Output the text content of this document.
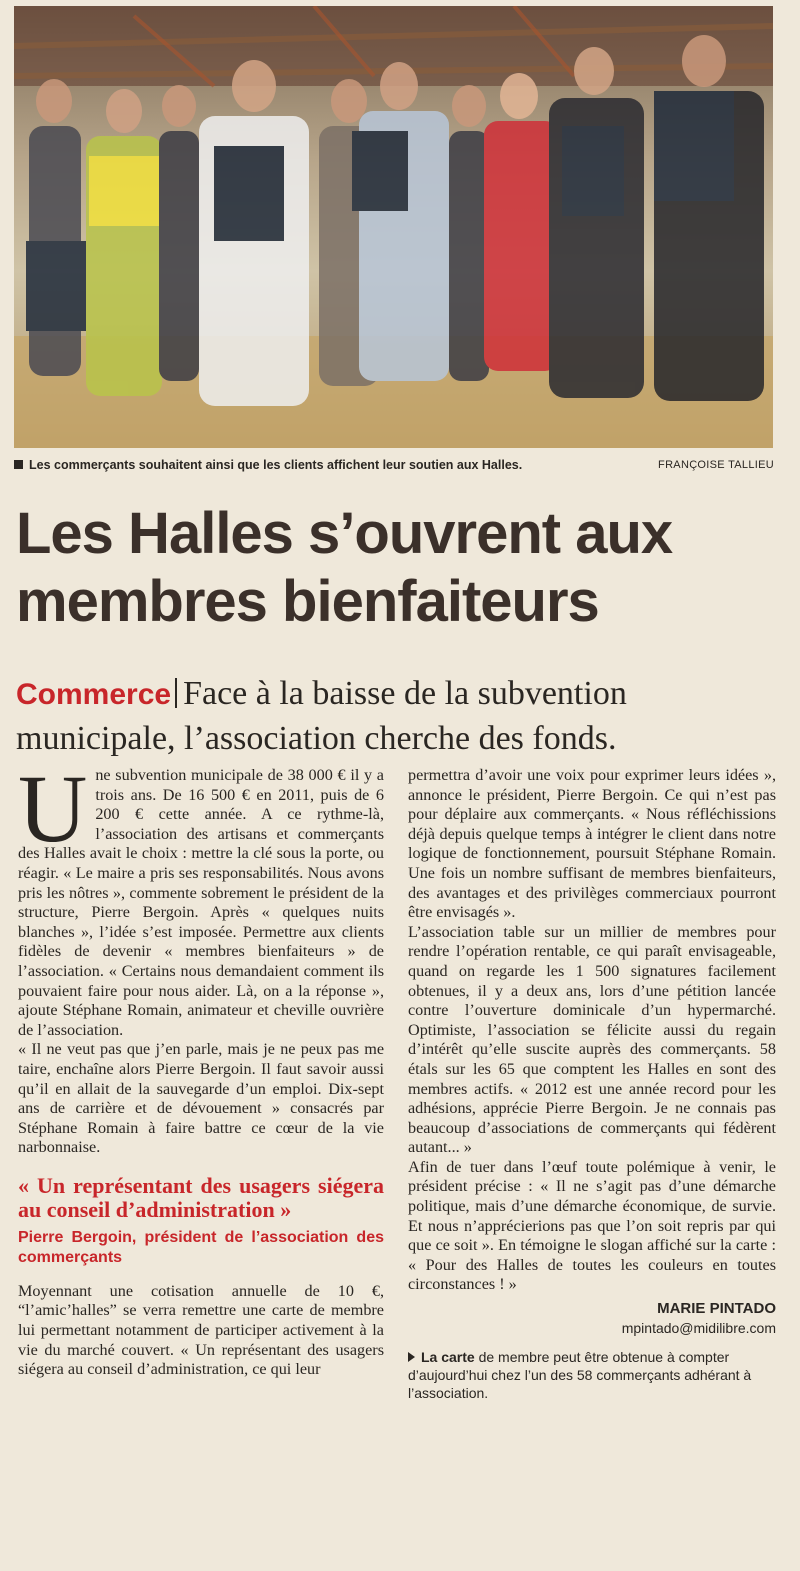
Les commerçants souhaitent ainsi que les clients affichent leur soutien aux Halles.	FRANÇOISE TALLIEU
Les Halles s’ouvrent aux
membres bienfaiteurs
Commerce Face à la baisse de la subvention municipale, l’association cherche des fonds.
U ne subvention municipale de 38 000 € il y a trois ans. De 16 500 € en 2011, puis de 6 200 € cette année. A ce rythme-là, l’association des artisans et commerçants des Halles avait le choix : mettre la clé sous la porte, ou réagir. « Le maire a pris ses responsabilités. Nous avons pris les nôtres », commente sobrement le président de la structure, Pierre Bergoin. Après « quelques nuits blanches », l’idée s’est imposée. Permettre aux clients fidèles de devenir « membres bienfaiteurs » de l’association. « Certains nous demandaient comment ils pouvaient faire pour nous aider. Là, on a la réponse », ajoute Stéphane Romain, animateur et cheville ouvrière de l’association.

« Il ne veut pas que j’en parle, mais je ne peux pas me taire, enchaîne alors Pierre Bergoin. Il faut savoir aussi qu’il en allait de la sauvegarde d’un emploi. Dix-sept ans de carrière et de dévouement » consacrés par Stéphane Romain à faire battre ce cœur de la vie narbonnaise.

« Un représentant des usagers siégera au conseil d’administration »
Pierre Bergoin, président de l’association des commerçants

Moyennant une cotisation annuelle de 10 €, “l’amic’halles” se verra remettre une carte de membre lui permettant notamment de participer activement à la vie du marché couvert. « Un représentant des usagers siégera au conseil d’administration, ce qui leur

permettra d’avoir une voix pour exprimer leurs idées », annonce le président, Pierre Bergoin. Ce qui n’est pas pour déplaire aux commerçants. « Nous réfléchissions déjà depuis quelque temps à intégrer le client dans notre logique de fonctionnement, poursuit Stéphane Romain. Une fois un nombre suffisant de membres bienfaiteurs, des avantages et des privilèges commerciaux pourront être envisagés ».

L’association table sur un millier de membres pour rendre l’opération rentable, ce qui paraît envisageable, quand on regarde les 1 500 signatures facilement obtenues, il y a deux ans, lors d’une pétition lancée contre l’ouverture dominicale d’un hypermarché. Optimiste, l’association se félicite aussi du regain d’intérêt qu’elle suscite auprès des commerçants. 58 étals sur les 65 que comptent les Halles en sont des membres actifs. « 2012 est une année record pour les adhésions, apprécie Pierre Bergoin. Je ne connais pas beaucoup d’associations de commerçants qui fédèrent autant... »

Afin de tuer dans l’œuf toute polémique à venir, le président précise : « Il ne s’agit pas d’une démarche politique, mais d’une démarche économique, de survie. Et nous n’apprécierions pas que l’on soit repris par qui que ce soit ». En témoigne le slogan affiché sur la carte : « Pour des Halles de toutes les couleurs en toutes circonstances ! »

MARIE PINTADO
mpintado@midilibre.com
La carte de membre peut être obtenue à compter d’aujourd’hui chez l’un des 58 commerçants adhérant à l’association.
